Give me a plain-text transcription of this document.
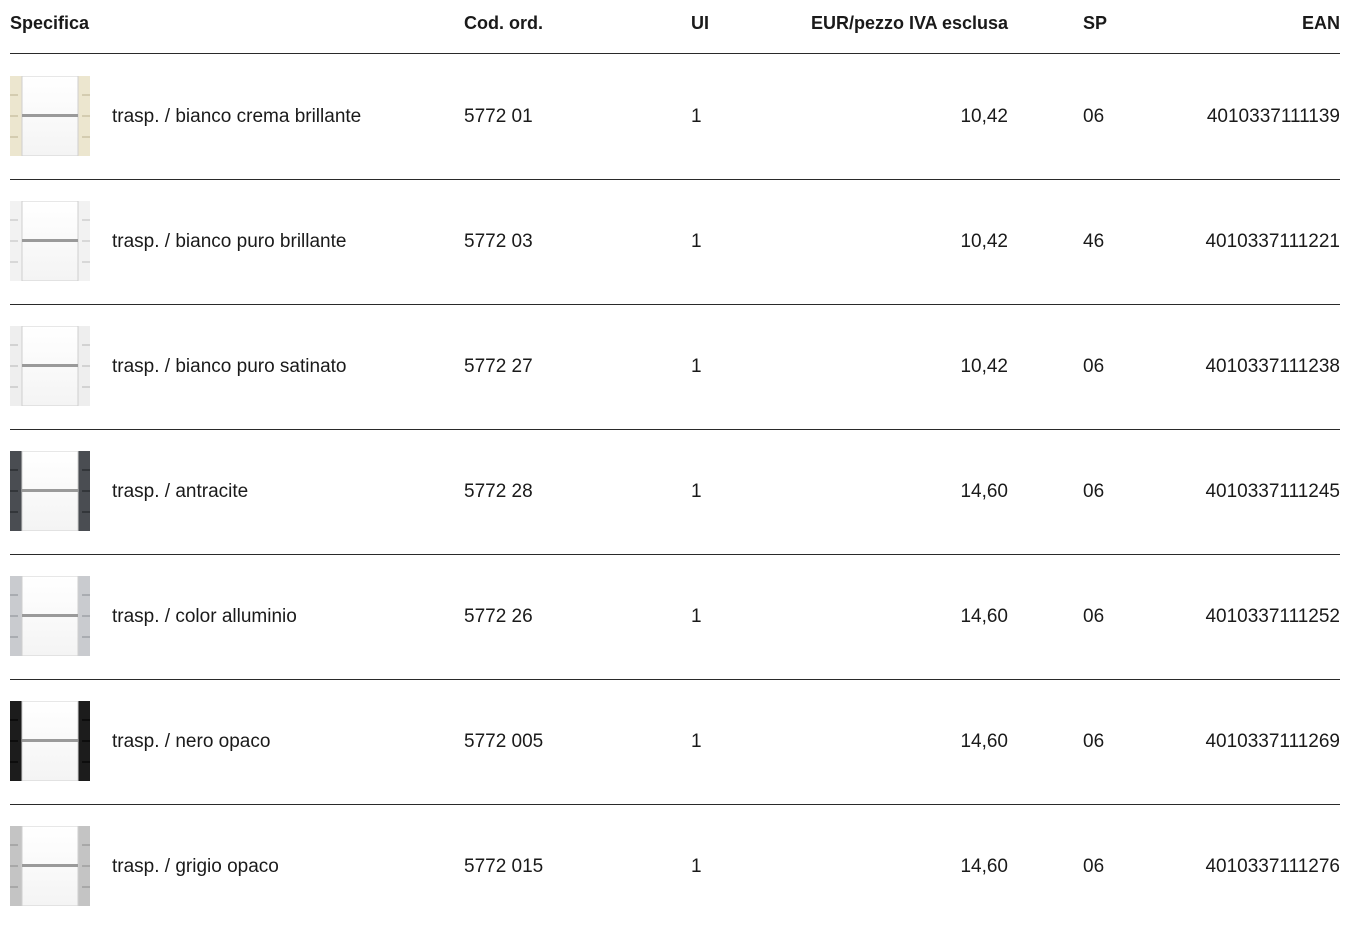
Specifica	Cod. ord.	UI	EUR/pezzo IVA esclusa	SP	EAN
trasp. / bianco crema brillante	5772 01	1	10,42	06	4010337111139
trasp. / bianco puro brillante	5772 03	1	10,42	46	4010337111221
trasp. / bianco puro satinato	5772 27	1	10,42	06	4010337111238
trasp. / antracite	5772 28	1	14,60	06	4010337111245
trasp. / color alluminio	5772 26	1	14,60	06	4010337111252
trasp. / nero opaco	5772 005	1	14,60	06	4010337111269
trasp. / grigio opaco	5772 015	1	14,60	06	4010337111276
